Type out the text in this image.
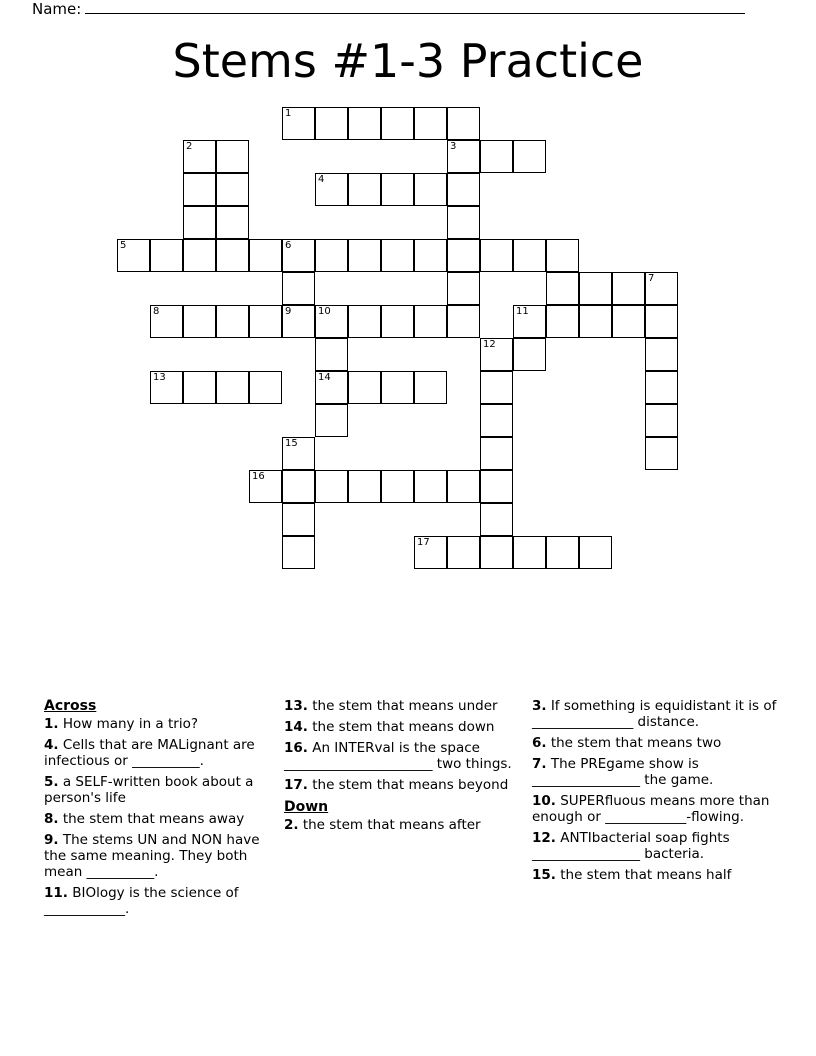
Name:
Stems #1-3 Practice
1
2	3
4
5	6
7
8	9	10	11
12
13	14
15
16
17
Across

1. How many in a trio?

4. Cells that are MALignant are infectious or __________.

5. a SELF-written book about a person's life

8. the stem that means away

9. The stems UN and NON have the same meaning. They both mean __________.

11. BIOlogy is the science of ____________.

13. the stem that means under

14. the stem that means down

16. An INTERval is the space ______________________ two things.

17. the stem that means beyond

Down

2. the stem that means after

3. If something is equidistant it is of _______________ distance.

6. the stem that means two

7. The PREgame show is ________________ the game.

10. SUPERfluous means more than enough or ____________-flowing.

12. ANTIbacterial soap fights ________________ bacteria.

15. the stem that means half
